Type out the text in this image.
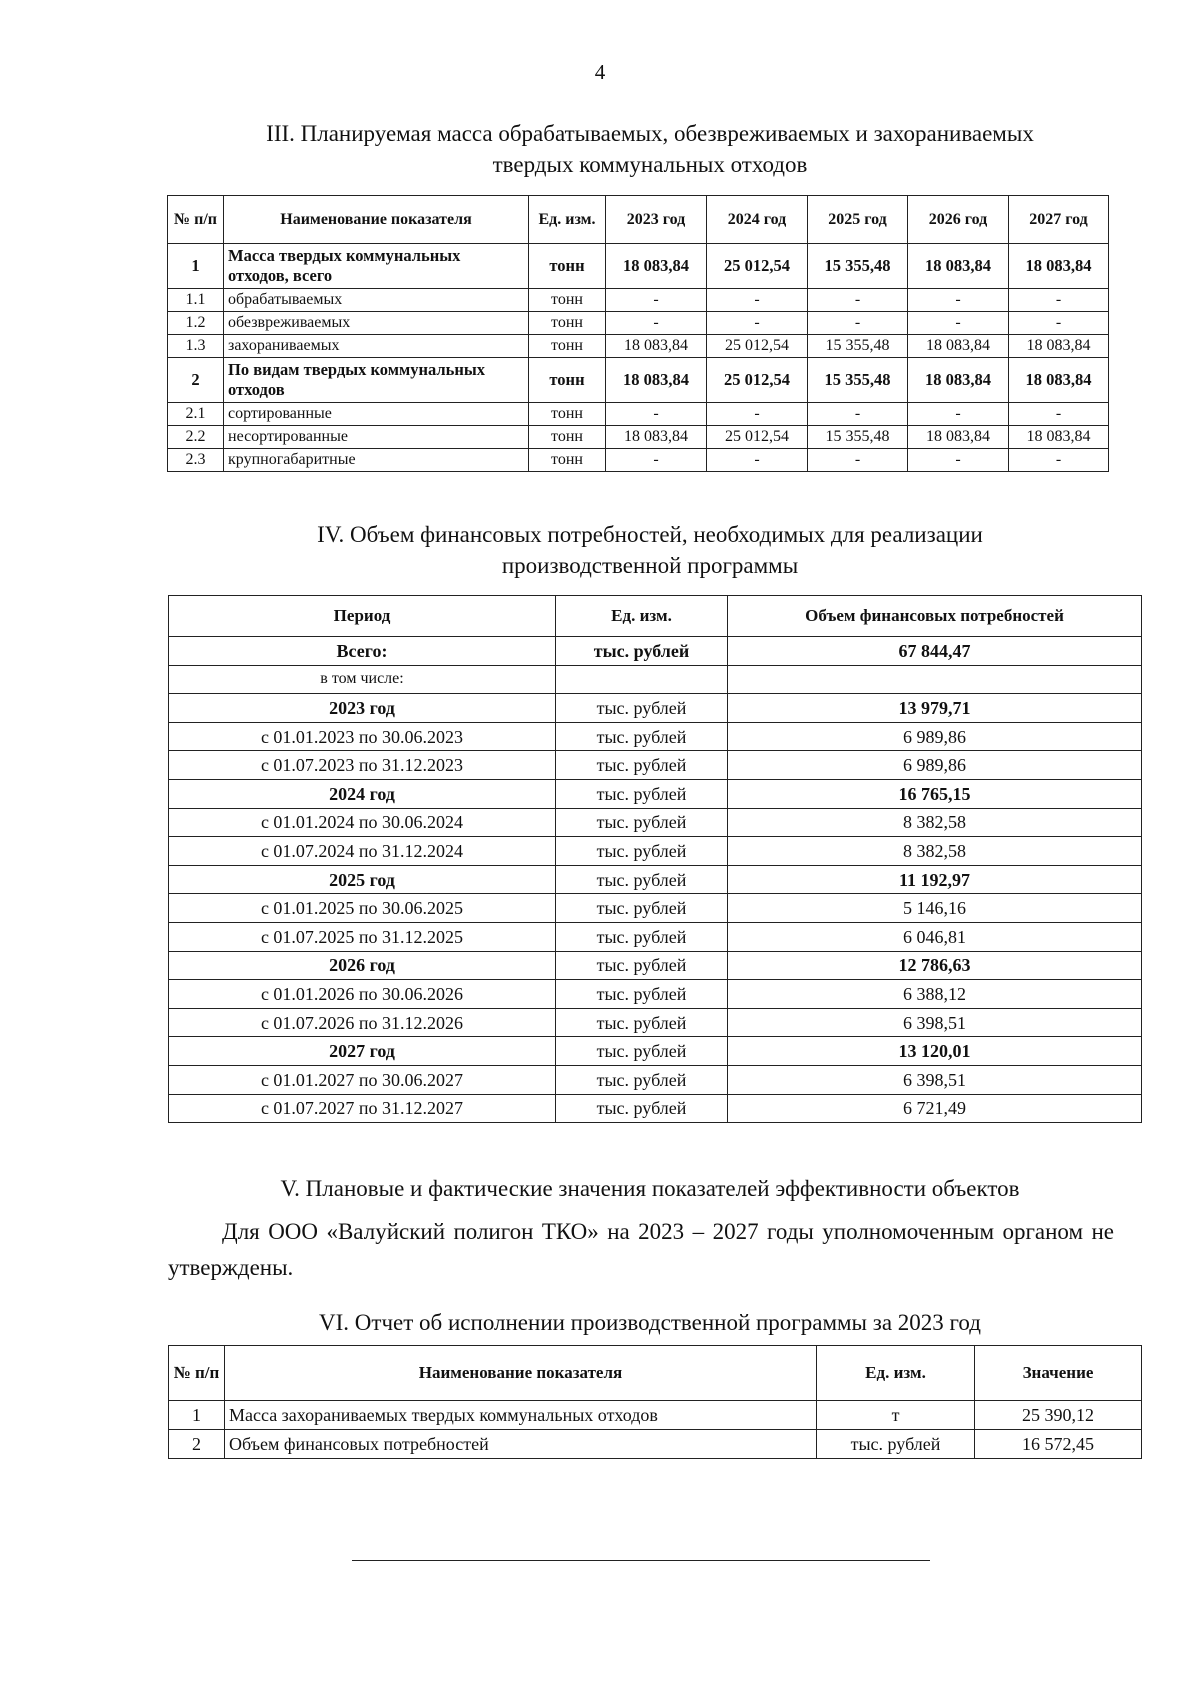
4
III. Планируемая масса обрабатываемых, обезвреживаемых и захораниваемых
твердых коммунальных отходов
№ п/п	Наименование показателя	Ед. изм.	2023 год	2024 год	2025 год	2026 год	2027 год
1	Масса твердых коммунальных отходов, всего	тонн	18 083,84	25 012,54	15 355,48	18 083,84	18 083,84
1.1	обрабатываемых	тонн	-	-	-	-	-
1.2	обезвреживаемых	тонн	-	-	-	-	-
1.3	захораниваемых	тонн	18 083,84	25 012,54	15 355,48	18 083,84	18 083,84
2	По видам твердых коммунальных отходов	тонн	18 083,84	25 012,54	15 355,48	18 083,84	18 083,84
2.1	сортированные	тонн	-	-	-	-	-
2.2	несортированные	тонн	18 083,84	25 012,54	15 355,48	18 083,84	18 083,84
2.3	крупногабаритные	тонн	-	-	-	-	-
IV. Объем финансовых потребностей, необходимых для реализации
производственной программы
Период	Ед. изм.	Объем финансовых потребностей
Всего:	тыс. рублей	67 844,47
в том числе:		
2023 год	тыс. рублей	13 979,71
с 01.01.2023 по 30.06.2023	тыс. рублей	6 989,86
с 01.07.2023 по 31.12.2023	тыс. рублей	6 989,86
2024 год	тыс. рублей	16 765,15
с 01.01.2024 по 30.06.2024	тыс. рублей	8 382,58
с 01.07.2024 по 31.12.2024	тыс. рублей	8 382,58
2025 год	тыс. рублей	11 192,97
с 01.01.2025 по 30.06.2025	тыс. рублей	5 146,16
с 01.07.2025 по 31.12.2025	тыс. рублей	6 046,81
2026 год	тыс. рублей	12 786,63
с 01.01.2026 по 30.06.2026	тыс. рублей	6 388,12
с 01.07.2026 по 31.12.2026	тыс. рублей	6 398,51
2027 год	тыс. рублей	13 120,01
с 01.01.2027 по 30.06.2027	тыс. рублей	6 398,51
с 01.07.2027 по 31.12.2027	тыс. рублей	6 721,49
V. Плановые и фактические значения показателей эффективности объектов
Для ООО «Валуйский полигон ТКО» на 2023 – 2027 годы уполномоченным органом не утверждены.
VI. Отчет об исполнении производственной программы за 2023 год
№ п/п	Наименование показателя	Ед. изм.	Значение
1	Масса захораниваемых твердых коммунальных отходов	т	25 390,12
2	Объем финансовых потребностей	тыс. рублей	16 572,45
